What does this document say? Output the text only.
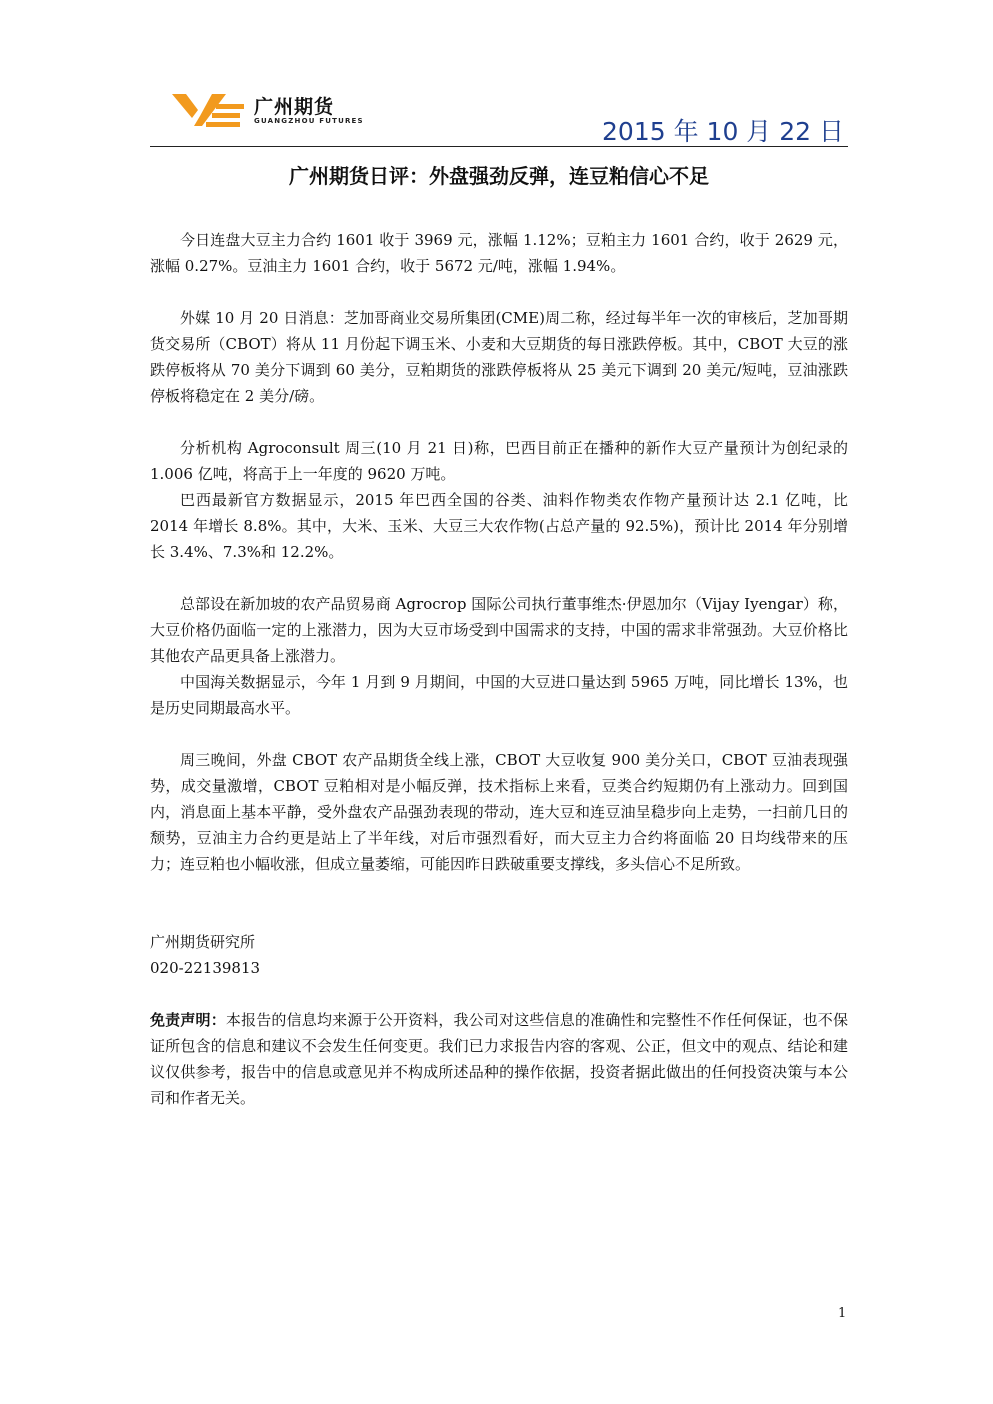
广州期货
GUANGZHOU FUTURES	2015 年 10 月 22 日
广州期货日评：外盘强劲反弹，连豆粕信心不足

今日连盘大豆主力合约 1601 收于 3969 元，涨幅 1.12%；豆粕主力 1601 合约，收于 2629 元，涨幅 0.27%。豆油主力 1601 合约，收于 5672 元/吨，涨幅 1.94%。

外媒 10 月 20 日消息：芝加哥商业交易所集团(CME)周二称，经过每半年一次的审核后，芝加哥期货交易所（CBOT）将从 11 月份起下调玉米、小麦和大豆期货的每日涨跌停板。其中，CBOT 大豆的涨跌停板将从 70 美分下调到 60 美分，豆粕期货的涨跌停板将从 25 美元下调到 20 美元/短吨，豆油涨跌停板将稳定在 2 美分/磅。

分析机构 Agroconsult 周三(10 月 21 日)称，巴西目前正在播种的新作大豆产量预计为创纪录的 1.006 亿吨，将高于上一年度的 9620 万吨。

巴西最新官方数据显示，2015 年巴西全国的谷类、油料作物类农作物产量预计达 2.1 亿吨，比 2014 年增长 8.8%。其中，大米、玉米、大豆三大农作物(占总产量的 92.5%)，预计比 2014 年分别增长 3.4%、7.3%和 12.2%。

总部设在新加坡的农产品贸易商 Agrocrop 国际公司执行董事维杰·伊恩加尔（Vijay Iyengar）称，大豆价格仍面临一定的上涨潜力，因为大豆市场受到中国需求的支持，中国的需求非常强劲。大豆价格比其他农产品更具备上涨潜力。

中国海关数据显示，今年 1 月到 9 月期间，中国的大豆进口量达到 5965 万吨，同比增长 13%，也是历史同期最高水平。

周三晚间，外盘 CBOT 农产品期货全线上涨，CBOT 大豆收复 900 美分关口，CBOT 豆油表现强势，成交量激增，CBOT 豆粕相对是小幅反弹，技术指标上来看，豆类合约短期仍有上涨动力。回到国内，消息面上基本平静，受外盘农产品强劲表现的带动，连大豆和连豆油呈稳步向上走势，一扫前几日的颓势，豆油主力合约更是站上了半年线，对后市强烈看好，而大豆主力合约将面临 20 日均线带来的压力；连豆粕也小幅收涨，但成立量萎缩，可能因昨日跌破重要支撑线，多头信心不足所致。

广州期货研究所

020-22139813

免责声明：本报告的信息均来源于公开资料，我公司对这些信息的准确性和完整性不作任何保证，也不保证所包含的信息和建议不会发生任何变更。我们已力求报告内容的客观、公正，但文中的观点、结论和建议仅供参考，报告中的信息或意见并不构成所述品种的操作依据，投资者据此做出的任何投资决策与本公司和作者无关。

1
